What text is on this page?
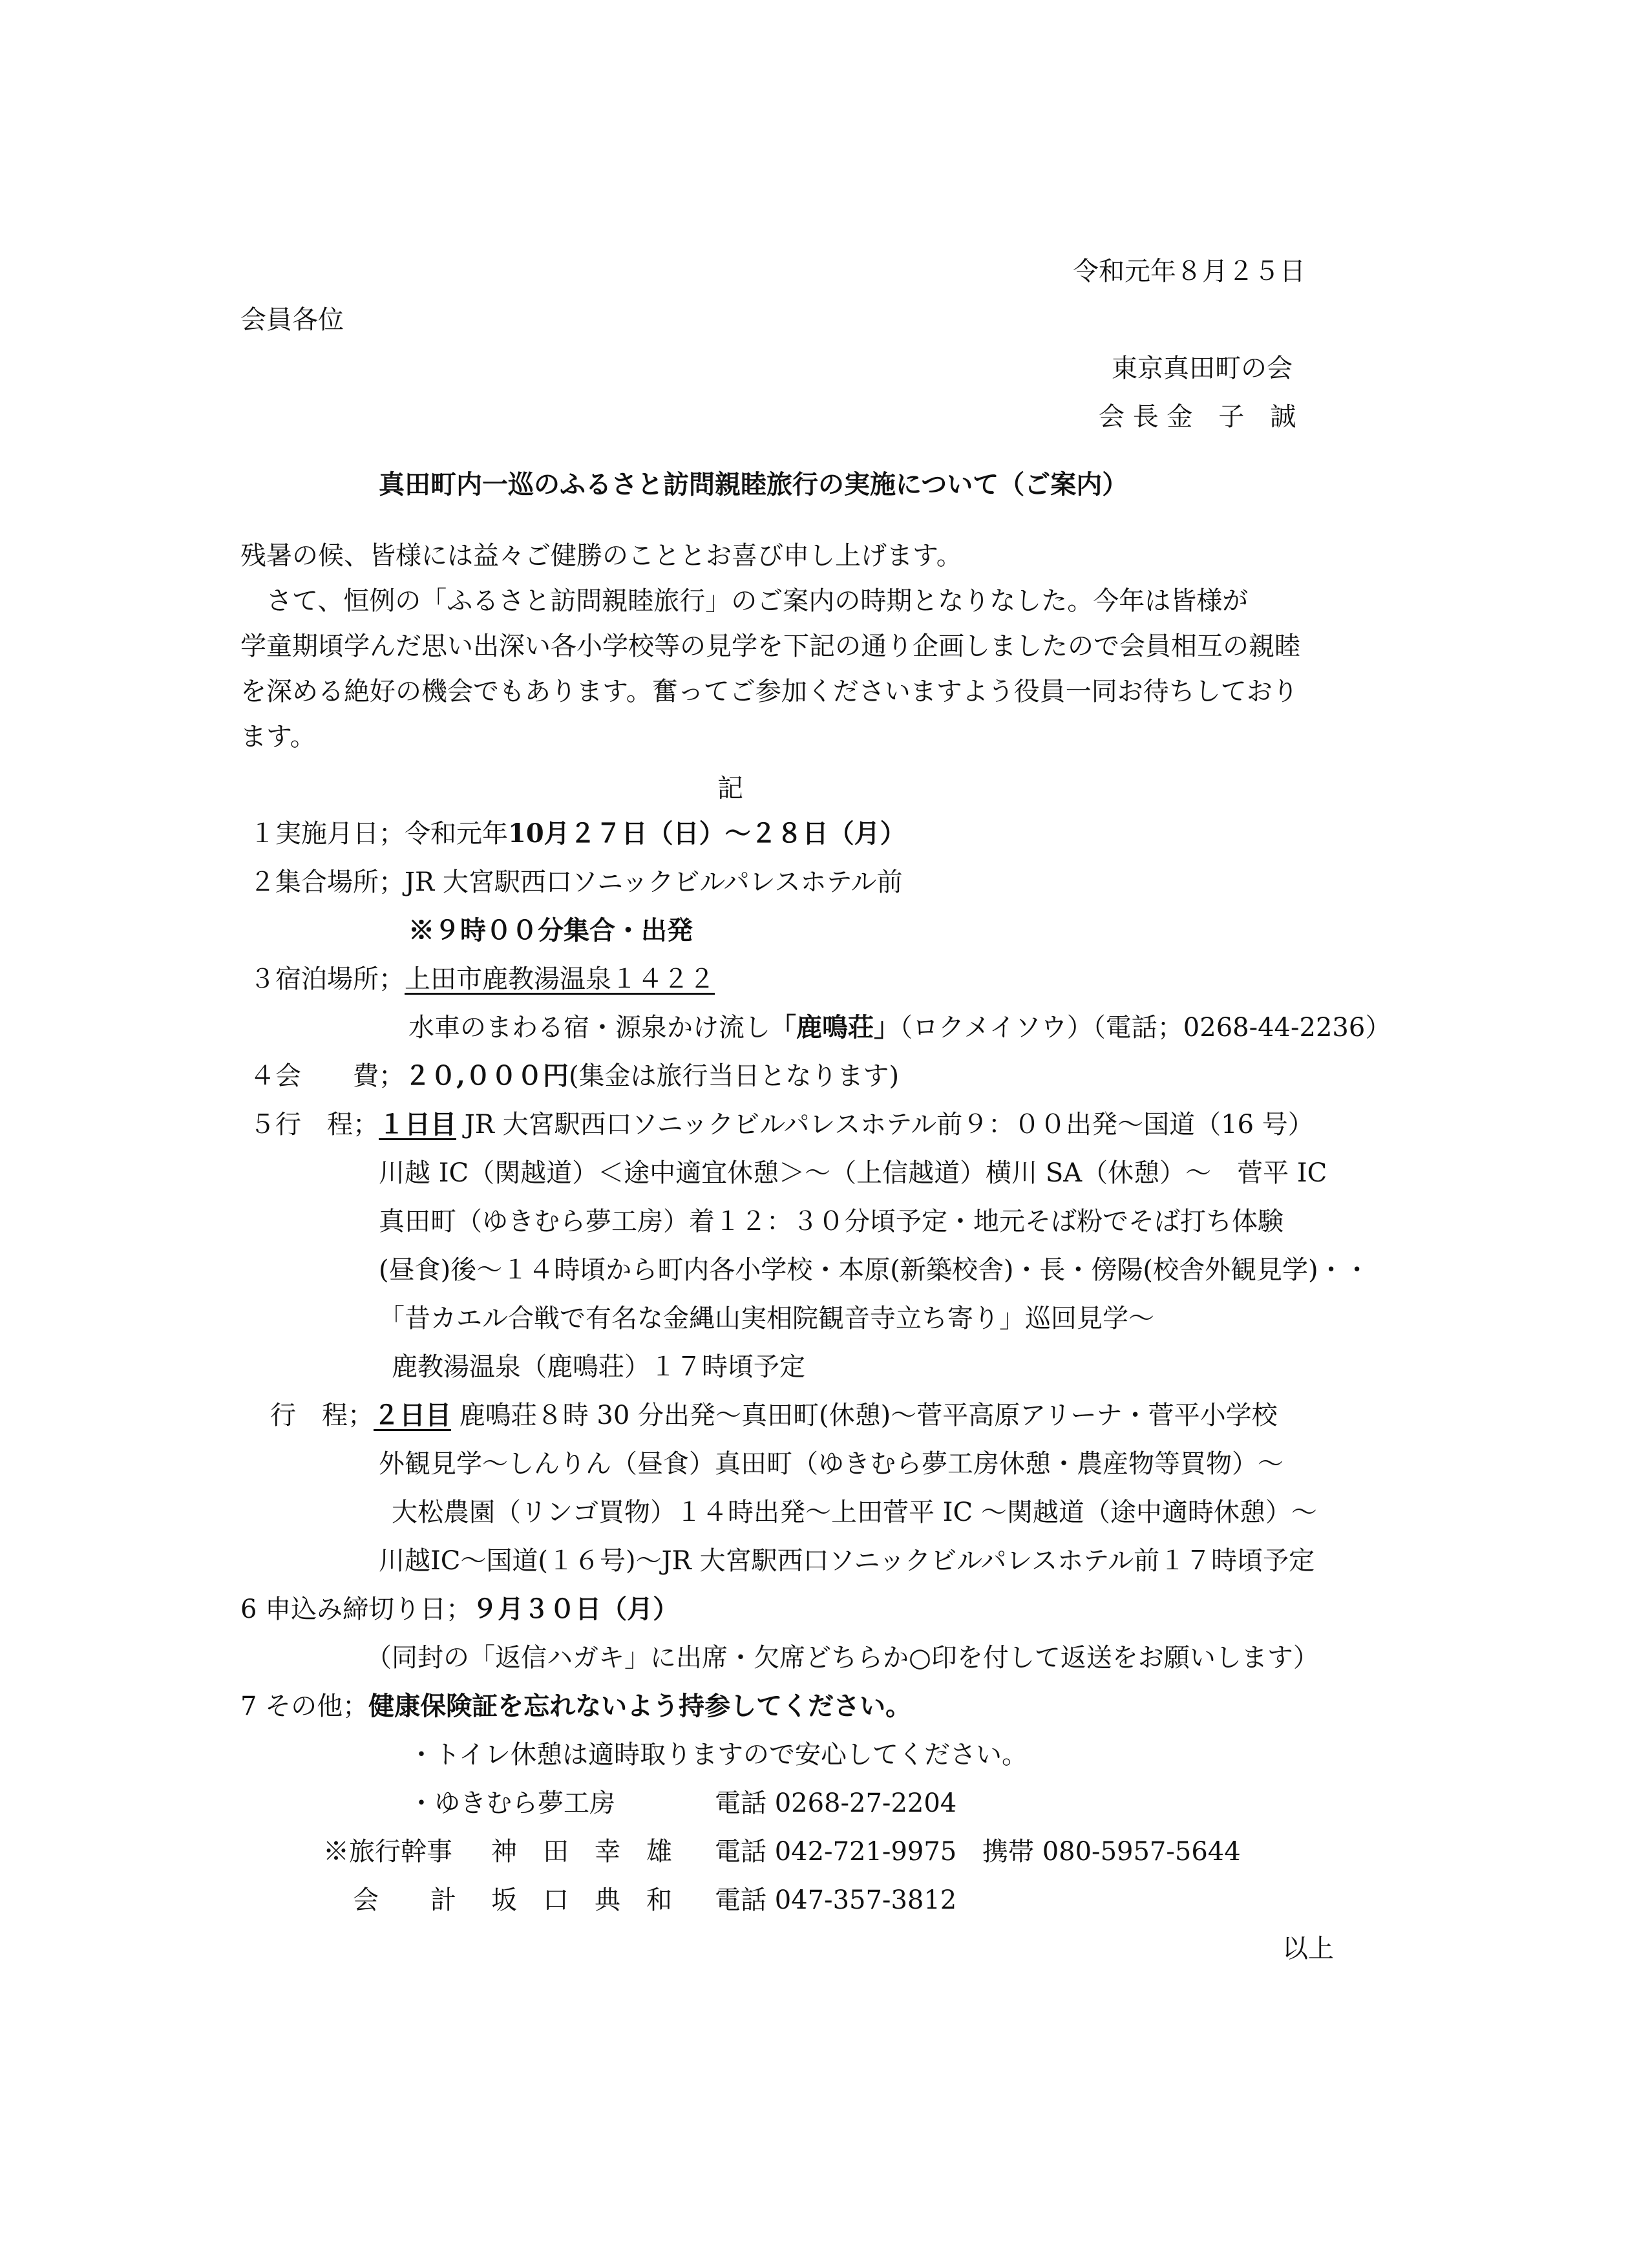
令和元年８月２５日
会員各位
東京真田町の会
会 長 金　子　誠
真田町内一巡のふるさと訪問親睦旅行の実施について（ご案内）
残暑の候、皆様には益々ご健勝のこととお喜び申し上げます。
　さて、恒例の「ふるさと訪問親睦旅行」のご案内の時期となりなした。今年は皆様が
学童期頃学んだ思い出深い各小学校等の見学を下記の通り企画しましたので会員相互の親睦
を深める絶好の機会でもあります。奮ってご参加くださいますよう役員一同お待ちしており
ます。
記
１実施月日；令和元年10月２７日（日）～２８日（月）
２集合場所；JR 大宮駅西口ソニックビルパレスホテル前
※９時００分集合・出発
３宿泊場所；上田市鹿教湯温泉１４２２
水車のまわる宿・源泉かけ流し「鹿鳴荘」（ロクメイソウ）（電話；0268-44-2236）
４会　　費；２０,０００円(集金は旅行当日となります)
５行　程；１日目 JR 大宮駅西口ソニックビルパレスホテル前９：００出発～国道（16 号）
川越 IC（関越道）＜途中適宜休憩＞～（上信越道）横川 SA（休憩）～　菅平 IC
真田町（ゆきむら夢工房）着１２：３０分頃予定・地元そば粉でそば打ち体験
(昼食)後～１４時頃から町内各小学校・本原(新築校舎)・長・傍陽(校舎外観見学)・・
「昔カエル合戦で有名な金縄山実相院観音寺立ち寄り」巡回見学～
鹿教湯温泉（鹿鳴荘）１７時頃予定
行　程；２日目 鹿鳴荘８時 30 分出発～真田町(休憩)～菅平高原アリーナ・菅平小学校
外観見学～しんりん（昼食）真田町（ゆきむら夢工房休憩・農産物等買物）～
大松農園（リンゴ買物）１４時出発～上田菅平 IC ～関越道（途中適時休憩）～
川越IC～国道(１６号)～JR 大宮駅西口ソニックビルパレスホテル前１７時頃予定
6 申込み締切り日；９月３０日（月）
（同封の「返信ハガキ」に出席・欠席どちらか○印を付して返送をお願いします）
7 その他；健康保険証を忘れないよう持参してください。
・トイレ休憩は適時取りますので安心してください。
・ゆきむら夢工房	電話 0268-27-2204
※旅行幹事 神　田　幸　雄 電話 042-721-9975 携帯 080-5957-5644
会　　計 坂　口　典　和 電話 047-357-3812
以上
